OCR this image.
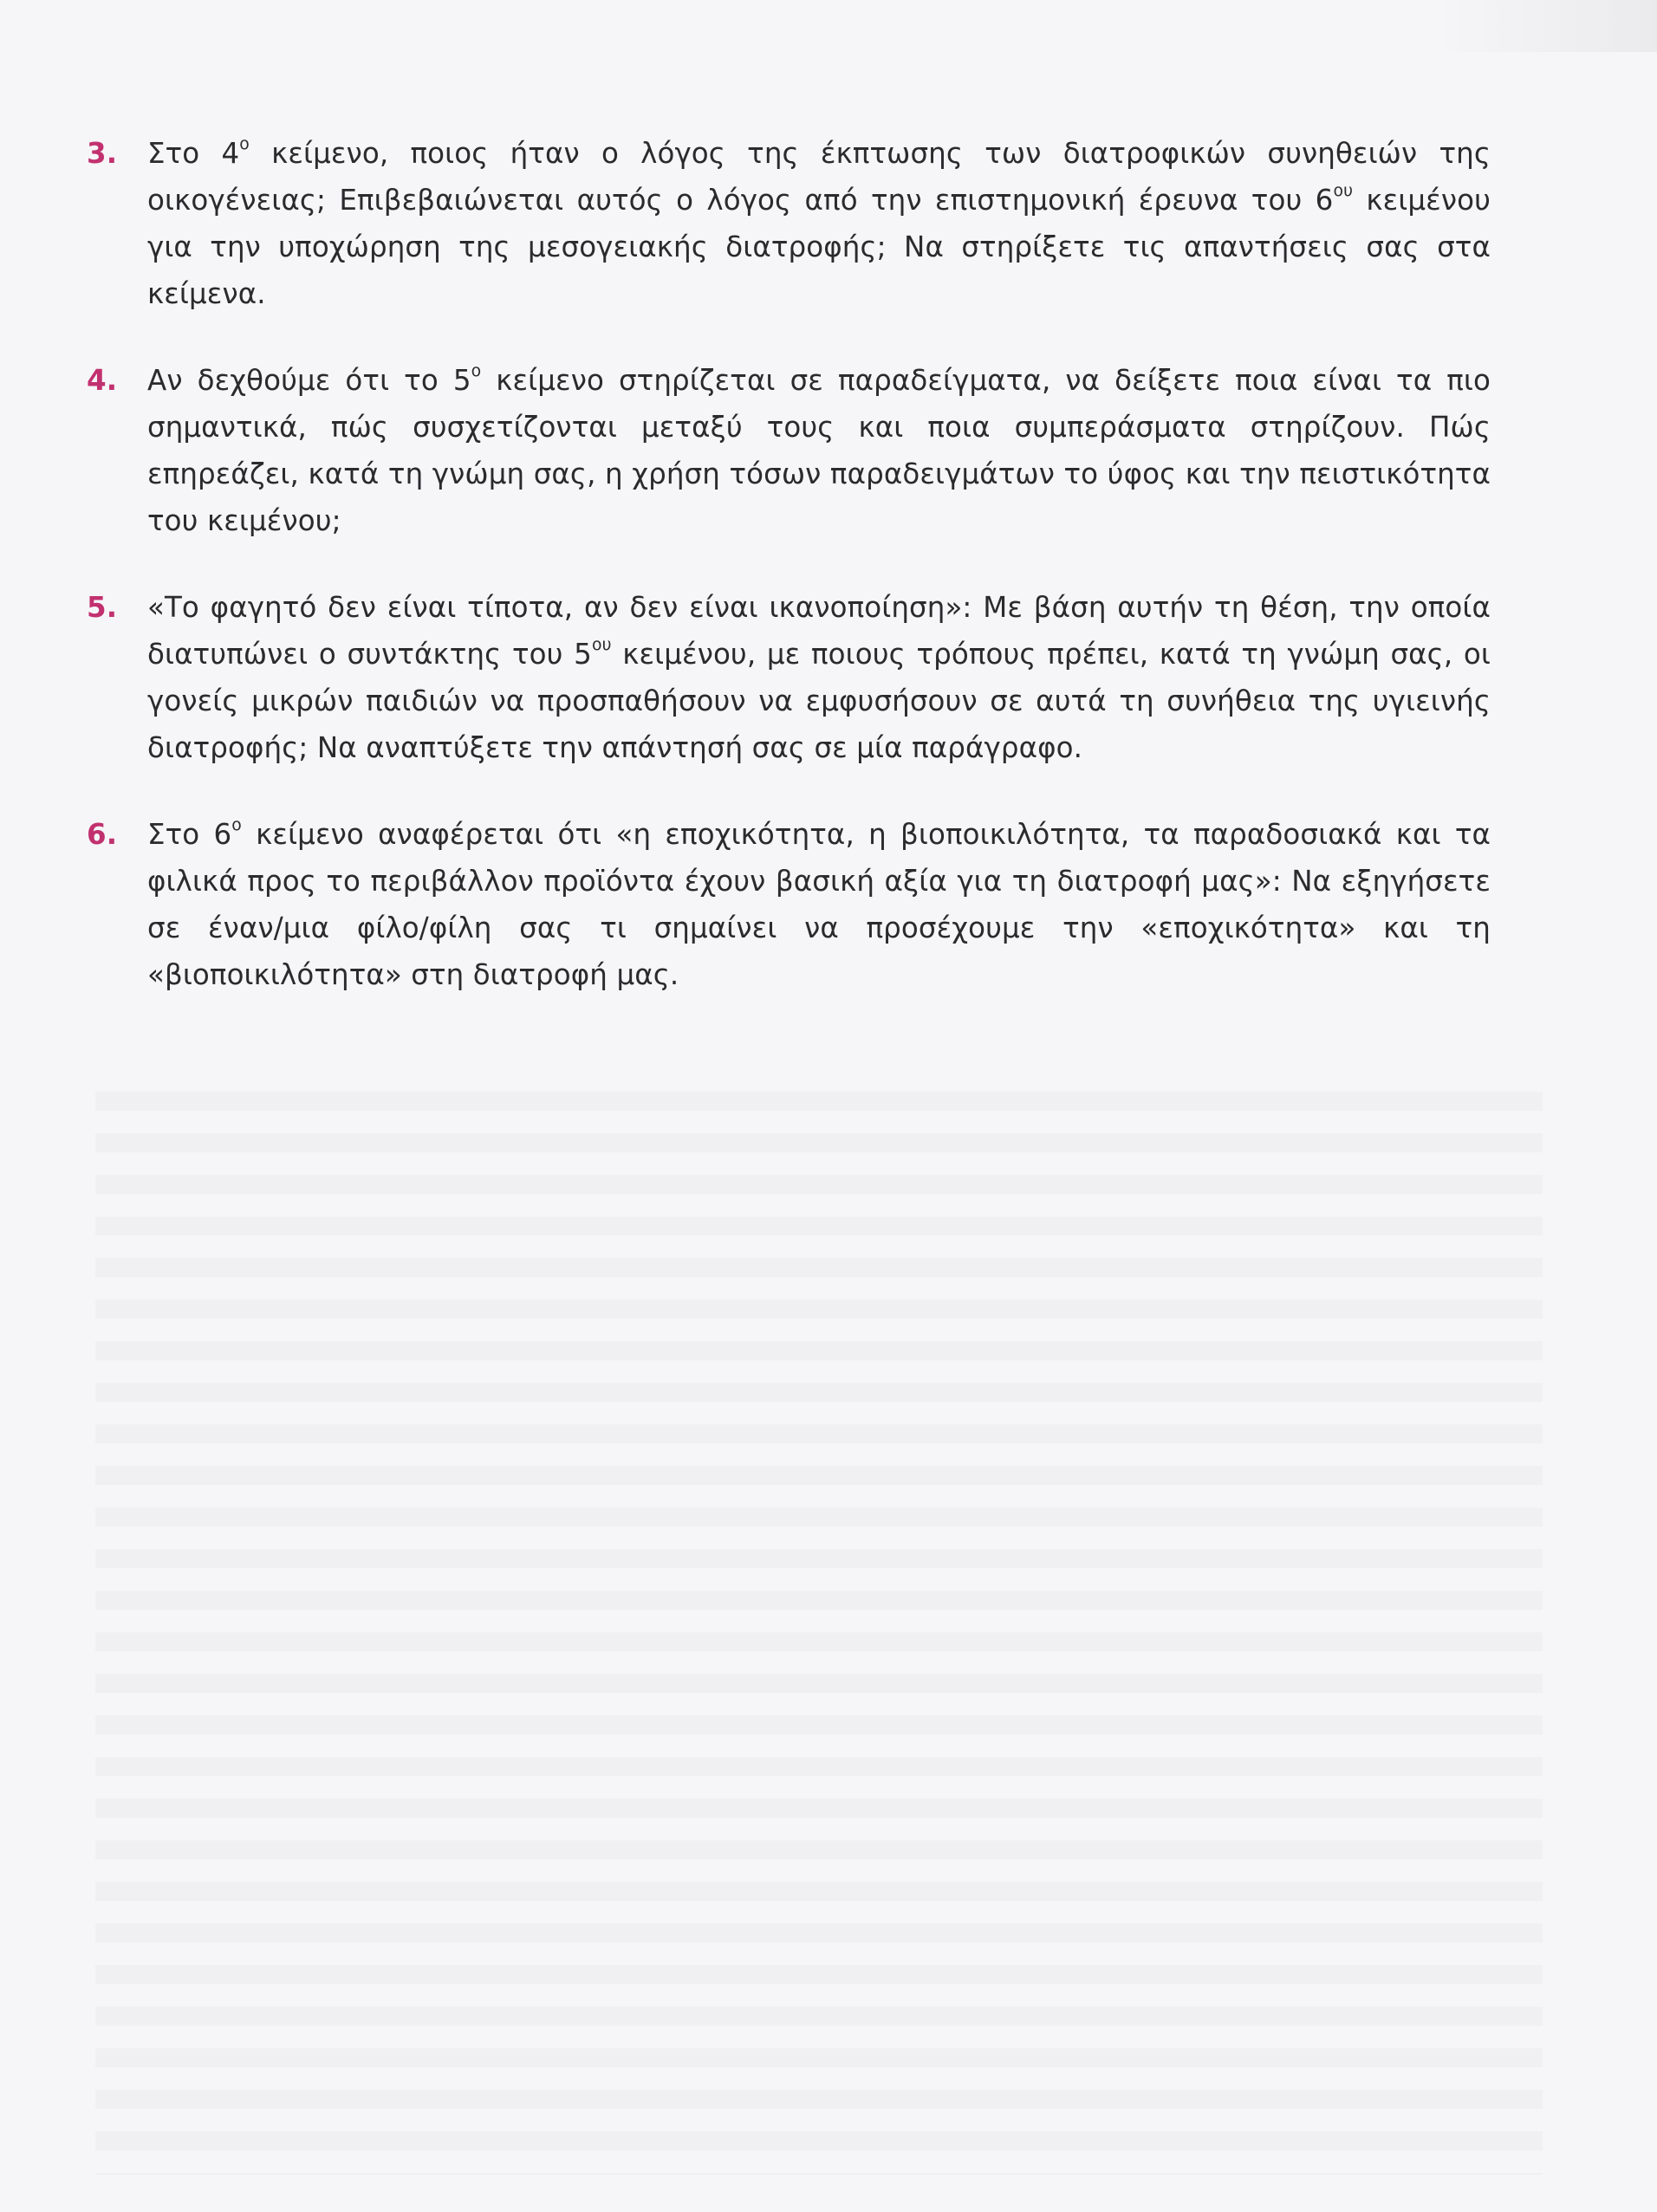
3.	Στο $4^o$ κείμενο, ποιος ήταν ο λόγος της έκπτωσης των διατροφικών συνηθειών της οικογένειας; Επιβεβαιώνεται αυτός ο λόγος από την επιστημονική έρευνα του $6^{o\upsilon}$ κειμένου για την υποχώρηση της μεσογειακής διατροφής; Να στηρίξετε τις απαντήσεις σας στα κείμενα.
4.	Αν δεχθούμε ότι το $5^o$ κείμενο στηρίζεται σε παραδείγματα, να δείξετε ποια είναι τα πιο σημαντικά, πώς συσχετίζονται μεταξύ τους και ποια συμπεράσματα στηρίζουν. Πώς επηρεάζει, κατά τη γνώμη σας, η χρήση τόσων παραδειγμάτων το ύφος και την πειστικότητα του κειμένου;
5.	«Το φαγητό δεν είναι τίποτα, αν δεν είναι ικανοποίηση»: Με βάση αυτήν τη θέση, την οποία διατυπώνει ο συντάκτης του $5^{o\upsilon}$ κειμένου, με ποιους τρόπους πρέπει, κατά τη γνώμη σας, οι γονείς μικρών παιδιών να προσπαθήσουν να εμφυσήσουν σε αυτά τη συνήθεια της υγιεινής διατροφής; Να αναπτύξετε την απάντησή σας σε μία παράγραφο.
6.	Στο $6^o$ κείμενο αναφέρεται ότι «η εποχικότητα, η βιοποικιλότητα, τα παραδοσιακά και τα φιλικά προς το περιβάλλον προϊόντα έχουν βασική αξία για τη διατροφή μας»: Να εξηγήσετε σε έναν/μια φίλο/φίλη σας τι σημαίνει να προσέχουμε την «εποχικότητα» και τη «βιοποικιλότητα» στη διατροφή μας.
